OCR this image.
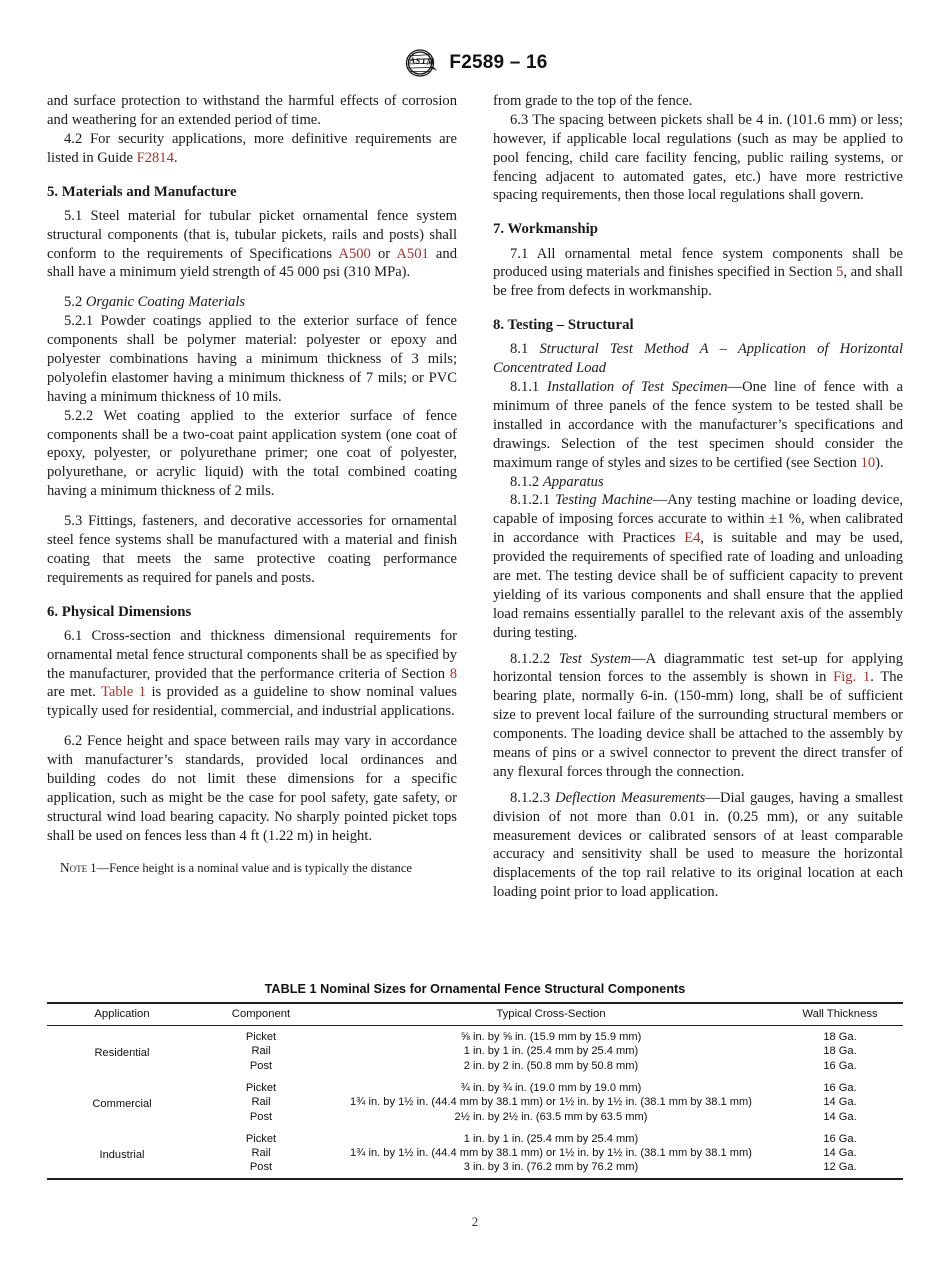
A S T M F2589 – 16

and surface protection to withstand the harmful effects of corrosion and weathering for an extended period of time.

4.2 For security applications, more definitive requirements are listed in Guide F2814.

5. Materials and Manufacture

5.1 Steel material for tubular picket ornamental fence system structural components (that is, tubular pickets, rails and posts) shall conform to the requirements of Specifications A500 or A501 and shall have a minimum yield strength of 45 000 psi (310 MPa).

5.2 Organic Coating Materials

5.2.1 Powder coatings applied to the exterior surface of fence components shall be polymer material: polyester or epoxy and polyester combinations having a minimum thickness of 3 mils; polyolefin elastomer having a minimum thickness of 7 mils; or PVC having a minimum thickness of 10 mils.

5.2.2 Wet coating applied to the exterior surface of fence components shall be a two-coat paint application system (one coat of epoxy, polyester, or polyurethane primer; one coat of polyester, polyurethane, or acrylic liquid) with the total combined coating having a minimum thickness of 2 mils.

5.3 Fittings, fasteners, and decorative accessories for ornamental steel fence systems shall be manufactured with a material and finish coating that meets the same protective coating performance requirements as required for panels and posts.

6. Physical Dimensions

6.1 Cross-section and thickness dimensional requirements for ornamental metal fence structural components shall be as specified by the manufacturer, provided that the performance criteria of Section 8 are met. Table 1 is provided as a guideline to show nominal values typically used for residential, commercial, and industrial applications.

6.2 Fence height and space between rails may vary in accordance with manufacturer’s standards, provided local ordinances and building codes do not limit these dimensions for a specific application, such as might be the case for pool safety, gate safety, or structural wind load bearing capacity. No sharply pointed picket tops shall be used on fences less than 4 ft (1.22 m) in height.

Note 1—Fence height is a nominal value and is typically the distance

from grade to the top of the fence.

6.3 The spacing between pickets shall be 4 in. (101.6 mm) or less; however, if applicable local regulations (such as may be applied to pool fencing, child care facility fencing, public railing systems, or fencing adjacent to automated gates, etc.) have more restrictive spacing requirements, then those local regulations shall govern.

7. Workmanship

7.1 All ornamental metal fence system components shall be produced using materials and finishes specified in Section 5, and shall be free from defects in workmanship.

8. Testing – Structural

8.1 Structural Test Method A – Application of Horizontal Concentrated Load

8.1.1 Installation of Test Specimen—One line of fence with a minimum of three panels of the fence system to be tested shall be installed in accordance with the manufacturer’s specifications and drawings. Selection of the test specimen should consider the maximum range of styles and sizes to be certified (see Section 10).

8.1.2 Apparatus

8.1.2.1 Testing Machine—Any testing machine or loading device, capable of imposing forces accurate to within ±1 %, when calibrated in accordance with Practices E4, is suitable and may be used, provided the requirements of specified rate of loading and unloading are met. The testing device shall be of sufficient capacity to prevent yielding of its various components and shall ensure that the applied load remains essentially parallel to the relevant axis of the assembly during testing.

8.1.2.2 Test System—A diagrammatic test set-up for applying horizontal tension forces to the assembly is shown in Fig. 1. The bearing plate, normally 6-in. (150-mm) long, shall be of sufficient size to prevent local failure of the surrounding structural members or components. The loading device shall be attached to the assembly by means of pins or a swivel connector to prevent the direct transfer of any flexural forces through the connection.

8.1.2.3 Deflection Measurements—Dial gauges, having a smallest division of not more than 0.01 in. (0.25 mm), or any suitable measurement devices or calibrated sensors of at least comparable accuracy and sensitivity shall be used to measure the horizontal displacements of the top rail relative to its original location at each loading point prior to load application.

TABLE 1 Nominal Sizes for Ornamental Fence Structural Components
Application	Component	Typical Cross-Section	Wall Thickness
Residential	Picket	⅝ in. by ⅝ in. (15.9 mm by 15.9 mm)	18 Ga.
	Rail	1 in. by 1 in. (25.4 mm by 25.4 mm)	18 Ga.
	Post	2 in. by 2 in. (50.8 mm by 50.8 mm)	16 Ga.
Commercial	Picket	¾ in. by ¾ in. (19.0 mm by 19.0 mm)	16 Ga.
	Rail	1¾ in. by 1½ in. (44.4 mm by 38.1 mm) or 1½ in. by 1½ in. (38.1 mm by 38.1 mm)	14 Ga.
	Post	2½ in. by 2½ in. (63.5 mm by 63.5 mm)	14 Ga.
Industrial	Picket	1 in. by 1 in. (25.4 mm by 25.4 mm)	16 Ga.
	Rail	1¾ in. by 1½ in. (44.4 mm by 38.1 mm) or 1½ in. by 1½ in. (38.1 mm by 38.1 mm)	14 Ga.
	Post	3 in. by 3 in. (76.2 mm by 76.2 mm)	12 Ga.
2
